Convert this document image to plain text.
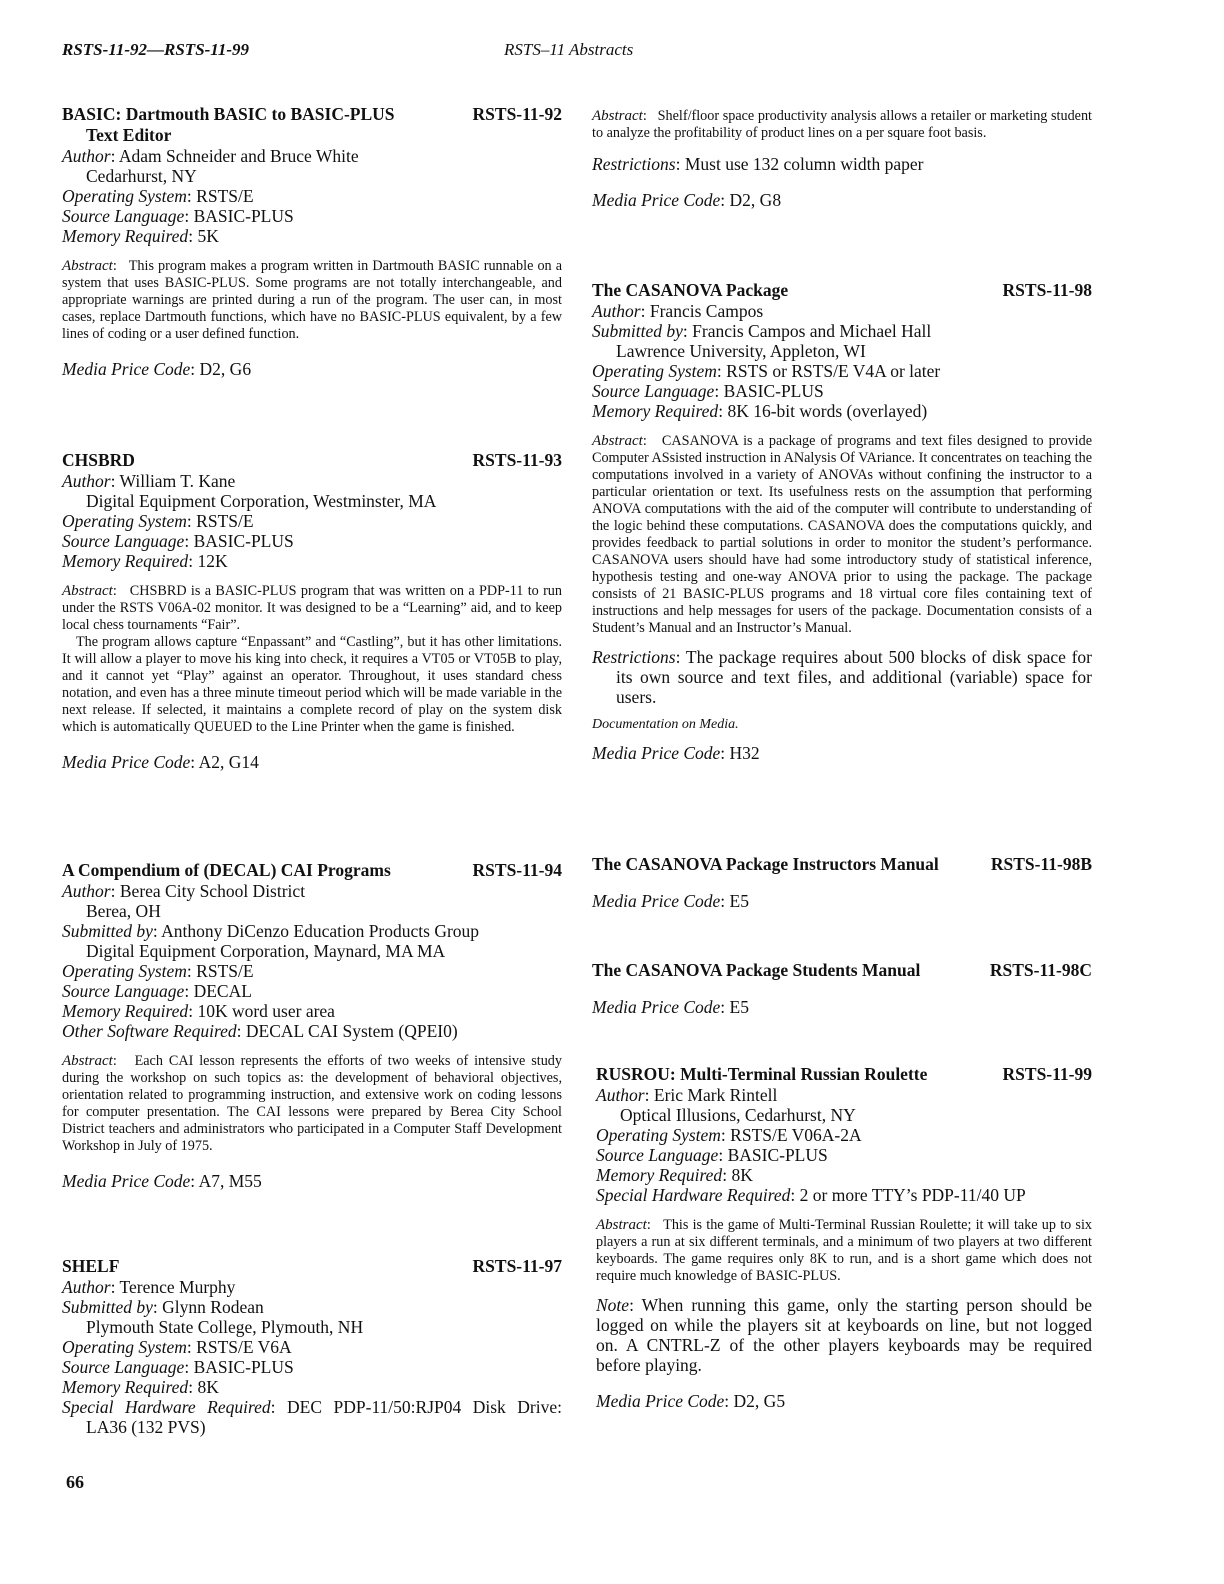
RSTS-11-92—RSTS-11-99	RSTS–11 Abstracts
BASIC: Dartmouth BASIC to BASIC-PLUS
Text Editor
RSTS-11-92
Author: Adam Schneider and Bruce White
Cedarhurst, NY
Operating System: RSTS/E
Source Language: BASIC-PLUS
Memory Required: 5K
Abstract:   This program makes a program written in Dartmouth BASIC runnable on a system that uses BASIC-PLUS. Some programs are not totally interchangeable, and appropriate warnings are printed during a run of the program. The user can, in most cases, replace Dartmouth functions, which have no BASIC-PLUS equivalent, by a few lines of coding or a user defined function.
Media Price Code: D2, G6
CHSBRD	RSTS-11-93
Author: William T. Kane
Digital Equipment Corporation, Westminster, MA
Operating System: RSTS/E
Source Language: BASIC-PLUS
Memory Required: 12K

Abstract:   CHSBRD is a BASIC-PLUS program that was written on a PDP-11 to run under the RSTS V06A-02 monitor. It was designed to be a “Learning” aid, and to keep local chess tournaments “Fair”.

The program allows capture “Enpassant” and “Castling”, but it has other limitations. It will allow a player to move his king into check, it requires a VT05 or VT05B to play, and it cannot yet “Play” against an operator. Throughout, it uses standard chess notation, and even has a three minute timeout period which will be made variable in the next release. If selected, it maintains a complete record of play on the system disk which is automatically QUEUED to the Line Printer when the game is finished.

Media Price Code: A2, G14
A Compendium of (DECAL) CAI Programs	RSTS-11-94
Author: Berea City School District
Berea, OH
Submitted by: Anthony DiCenzo Education Products Group
Digital Equipment Corporation, Maynard, MA MA
Operating System: RSTS/E
Source Language: DECAL
Memory Required: 10K word user area
Other Software Required: DECAL CAI System (QPEI0)
Abstract:   Each CAI lesson represents the efforts of two weeks of intensive study during the workshop on such topics as: the development of behavioral objectives, orientation related to programming instruction, and extensive work on coding lessons for computer presentation. The CAI lessons were prepared by Berea City School District teachers and administrators who participated in a Computer Staff Development Workshop in July of 1975.
Media Price Code: A7, M55
SHELF	RSTS-11-97
Author: Terence Murphy
Submitted by: Glynn Rodean
Plymouth State College, Plymouth, NH
Operating System: RSTS/E V6A
Source Language: BASIC-PLUS
Memory Required: 8K
Special Hardware Required: DEC PDP-11/50:RJP04 Disk Drive: LA36 (132 PVS)
66
Abstract:   Shelf/floor space productivity analysis allows a retailer or marketing student to analyze the profitability of product lines on a per square foot basis.
Restrictions: Must use 132 column width paper
Media Price Code: D2, G8
The CASANOVA Package	RSTS-11-98
Author: Francis Campos
Submitted by: Francis Campos and Michael Hall
Lawrence University, Appleton, WI
Operating System: RSTS or RSTS/E V4A or later
Source Language: BASIC-PLUS
Memory Required: 8K 16-bit words (overlayed)
Abstract:   CASANOVA is a package of programs and text files designed to provide Computer ASsisted instruction in ANalysis Of VAriance. It concentrates on teaching the computations involved in a variety of ANOVAs without confining the instructor to a particular orientation or text. Its usefulness rests on the assumption that performing ANOVA computations with the aid of the computer will contribute to understanding of the logic behind these computations. CASANOVA does the computations quickly, and provides feedback to partial solutions in order to monitor the student’s performance. CASANOVA users should have had some introductory study of statistical inference, hypothesis testing and one-way ANOVA prior to using the package. The package consists of 21 BASIC-PLUS programs and 18 virtual core files containing text of instructions and help messages for users of the package. Documentation consists of a Student’s Manual and an Instructor’s Manual.
Restrictions: The package requires about 500 blocks of disk space for its own source and text files, and additional (variable) space for users.
Documentation on Media.
Media Price Code: H32
The CASANOVA Package Instructors Manual	RSTS-11-98B
Media Price Code: E5
The CASANOVA Package Students Manual	RSTS-11-98C
Media Price Code: E5
RUSROU: Multi-Terminal Russian Roulette	RSTS-11-99
Author: Eric Mark Rintell
Optical Illusions, Cedarhurst, NY
Operating System: RSTS/E V06A-2A
Source Language: BASIC-PLUS
Memory Required: 8K
Special Hardware Required: 2 or more TTY’s PDP-11/40 UP
Abstract:   This is the game of Multi-Terminal Russian Roulette; it will take up to six players a run at six different terminals, and a minimum of two players at two different keyboards. The game requires only 8K to run, and is a short game which does not require much knowledge of BASIC-PLUS.
Note: When running this game, only the starting person should be logged on while the players sit at keyboards on line, but not logged on. A CNTRL-Z of the other players keyboards may be required before playing.
Media Price Code: D2, G5
